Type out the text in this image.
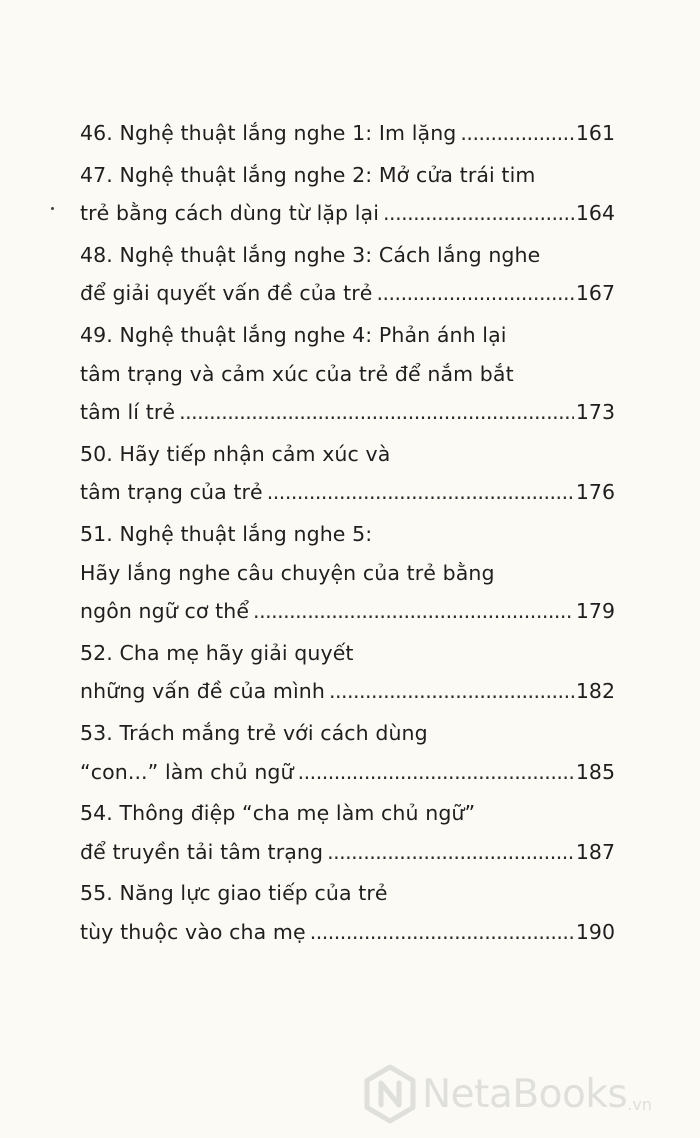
46. Nghệ thuật lắng nghe 1: Im lặng .....	161
47. Nghệ thuật lắng nghe 2: Mở cửa trái tim
trẻ bằng cách dùng từ lặp lại .....	164
48. Nghệ thuật lắng nghe 3: Cách lắng nghe
để giải quyết vấn đề của trẻ .....	167
49. Nghệ thuật lắng nghe 4: Phản ánh lại
tâm trạng và cảm xúc của trẻ để nắm bắt
tâm lí trẻ .....	173
50. Hãy tiếp nhận cảm xúc và
tâm trạng của trẻ .....	176
51. Nghệ thuật lắng nghe 5:
Hãy lắng nghe câu chuyện của trẻ bằng
ngôn ngữ cơ thể .....	179
52. Cha mẹ hãy giải quyết
những vấn đề của mình .....	182
53. Trách mắng trẻ với cách dùng
“con...” làm chủ ngữ .....	185
54. Thông điệp “cha mẹ làm chủ ngữ”
để truyền tải tâm trạng .....	187
55. Năng lực giao tiếp của trẻ
tùy thuộc vào cha mẹ .....	190
NetaBooks .vn
